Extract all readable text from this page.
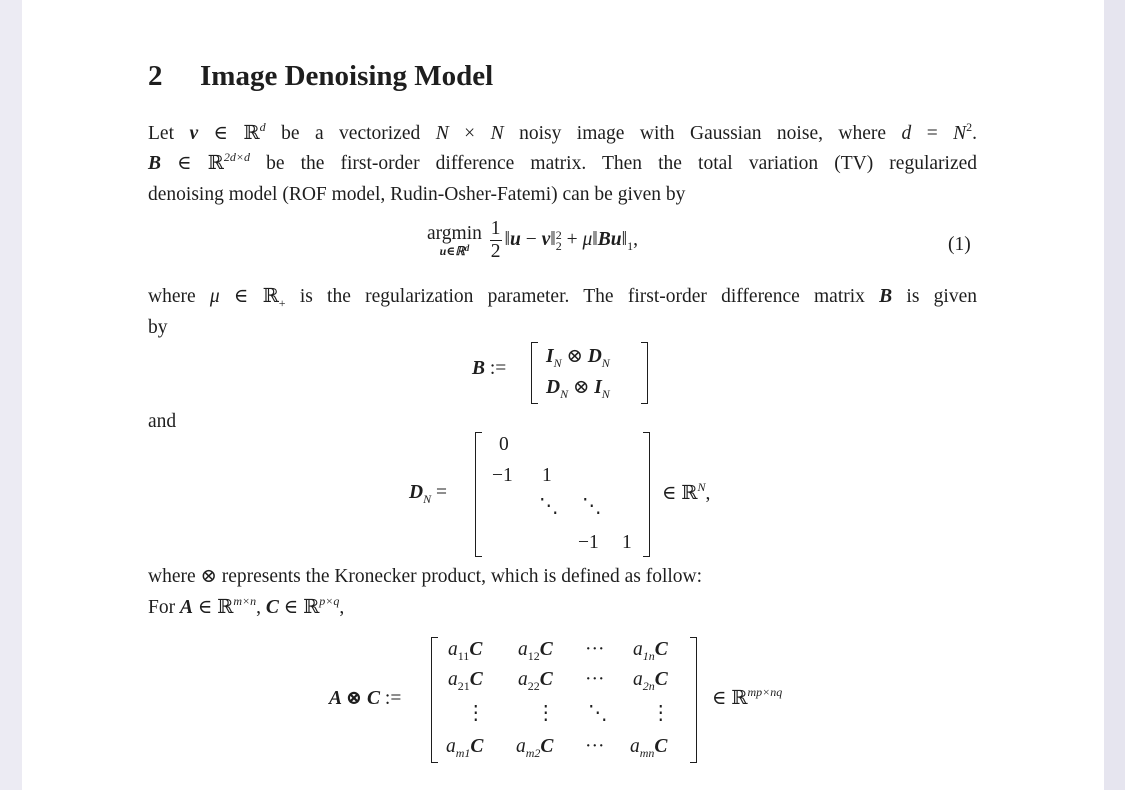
2 Image Denoising Model
Let v ∈ ℝ$^d$ be a vectorized N × N noisy image with Gaussian noise, where $d = N^2$.
B ∈ ℝ$^{2d\times d}$ be the first-order difference matrix. Then the total variation (TV) regularized
denoising model (ROF model, Rudin-Osher-Fatemi) can be given by
argmin
u∈ℝ$^d$
	$\frac{1}{2}$ ‖u − v‖ 2
$2 + \mu‖Bu‖_1$,	(1)
where μ ∈ ℝ$_+$ is the regularization parameter. The first-order difference matrix B is given
by
B :=
$I_N$ ⊗ $D_N$
$D_N$ ⊗ $I_N$
and
$D_N$ =
0
−1 1
⋱ ⋱
−1 1
∈ ℝ$^N$,
where ⊗ represents the Kronecker product, which is defined as follow:
For A ∈ ℝ$^{m\times n}$, C ∈ ℝ$^{p\times q}$,
A ⊗ C :=
$a_{11}C$ $a_{12}C$ ··· $a_{1n}C$
$a_{21}C$ $a_{22}C$ ··· $a_{2n}C$
⋮	⋮ ⋱ ⋮
$a_{m1}C$ $a_{m2}C$ ··· $a_{mn}C$
∈ ℝ$^{mp\times nq}$
